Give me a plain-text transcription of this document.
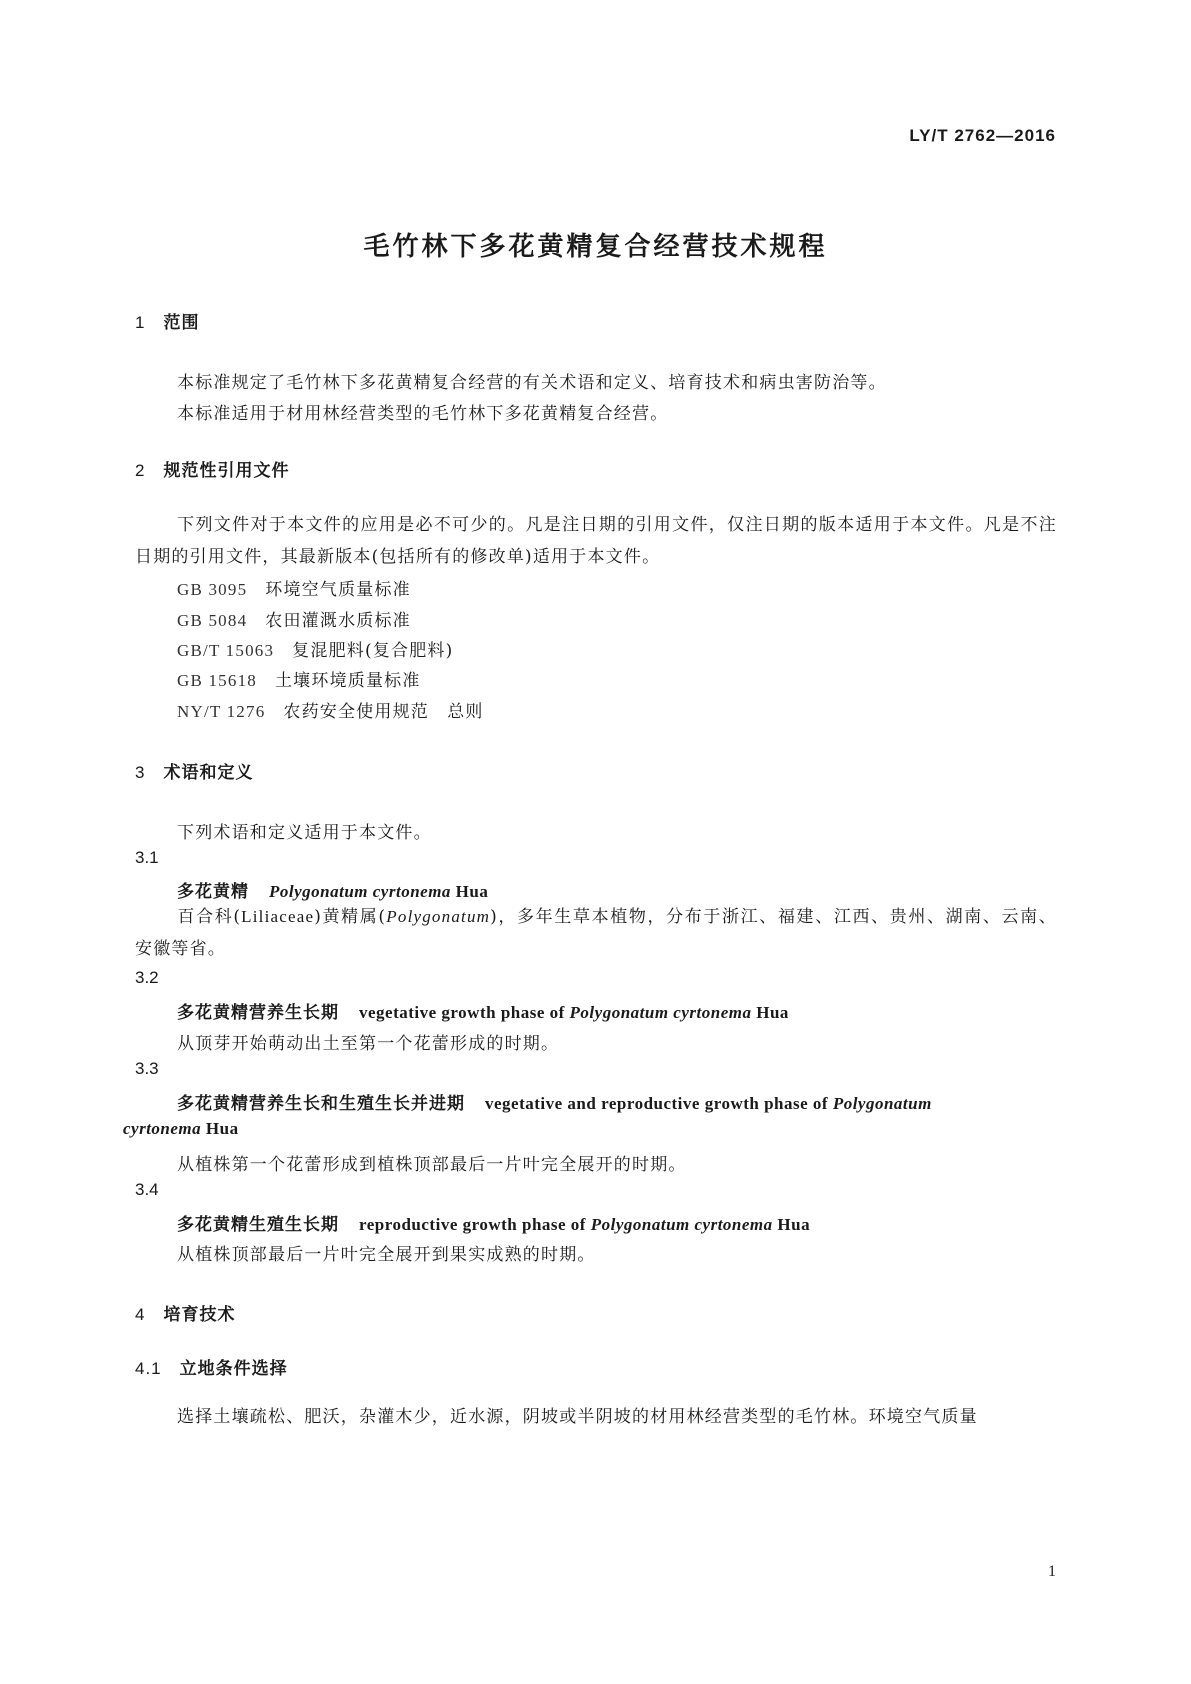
LY/T 2762—2016
毛竹林下多花黄精复合经营技术规程
1 范围
本标准规定了毛竹林下多花黄精复合经营的有关术语和定义、培育技术和病虫害防治等。
本标准适用于材用林经营类型的毛竹林下多花黄精复合经营。
2 规范性引用文件

下列文件对于本文件的应用是必不可少的。凡是注日期的引用文件，仅注日期的版本适用于本文件。凡是不注日期的引用文件，其最新版本(包括所有的修改单)适用于本文件。

GB 3095 环境空气质量标准
GB 5084 农田灌溉水质标准
GB/T 15063 复混肥料(复合肥料)
GB 15618 土壤环境质量标准
NY/T 1276 农药安全使用规范　总则
3 术语和定义
下列术语和定义适用于本文件。
3.1
多花黄精 Polygonatum cyrtonema Hua

百合科(Liliaceae)黄精属(Polygonatum)，多年生草本植物，分布于浙江、福建、江西、贵州、湖南、云南、安徽等省。

3.2
多花黄精营养生长期 vegetative growth phase of Polygonatum cyrtonema Hua
从顶芽开始萌动出土至第一个花蕾形成的时期。
3.3
多花黄精营养生长和生殖生长并进期 vegetative and reproductive growth phase of Polygonatum
cyrtonema Hua
从植株第一个花蕾形成到植株顶部最后一片叶完全展开的时期。
3.4
多花黄精生殖生长期 reproductive growth phase of Polygonatum cyrtonema Hua
从植株顶部最后一片叶完全展开到果实成熟的时期。
4 培育技术
4.1 立地条件选择
选择土壤疏松、肥沃，杂灌木少，近水源，阴坡或半阴坡的材用林经营类型的毛竹林。环境空气质量
1
